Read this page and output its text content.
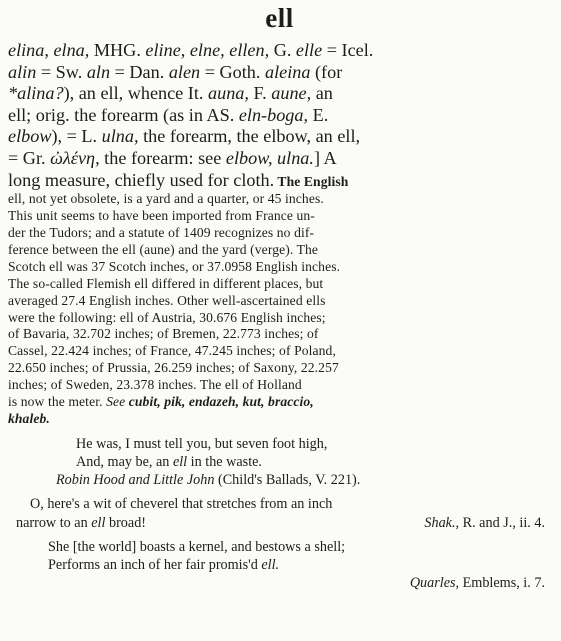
ell
elina, elna, MHG. eline, elne, ellen, G. elle = Icel.
alin = Sw. aln = Dan. alen = Goth. aleina (for
*alina?), an ell, whence It. auna, F. aune, an
ell; orig. the forearm (as in AS. eln-boga, E.
elbow), = L. ulna, the forearm, the elbow, an ell,
= Gr. ὠλένη, the forearm: see elbow, ulna.] A
long measure, chiefly used for cloth. The English
ell, not yet obsolete, is a yard and a quarter, or 45 inches.
This unit seems to have been imported from France un-
der the Tudors; and a statute of 1409 recognizes no dif-
ference between the ell (aune) and the yard (verge). The
Scotch ell was 37 Scotch inches, or 37.0958 English inches.
The so-called Flemish ell differed in different places, but
averaged 27.4 English inches. Other well-ascertained ells
were the following: ell of Austria, 30.676 English inches;
of Bavaria, 32.702 inches; of Bremen, 22.773 inches; of
Cassel, 22.424 inches; of France, 47.245 inches; of Poland,
22.650 inches; of Prussia, 26.259 inches; of Saxony, 22.257
inches; of Sweden, 23.378 inches. The ell of Holland
is now the meter. See cubit, pik, endazeh, kut, braccio,
khaleb.
He was, I must tell you, but seven foot high,
And, may be, an ell in the waste.
Robin Hood and Little John (Child's Ballads, V. 221).
O, here's a wit of cheverel that stretches from an inch
narrow to an ell broad!	Shak., R. and J., ii. 4.
She [the world] boasts a kernel, and bestows a shell;
Performs an inch of her fair promis'd ell.
Quarles, Emblems, i. 7.
